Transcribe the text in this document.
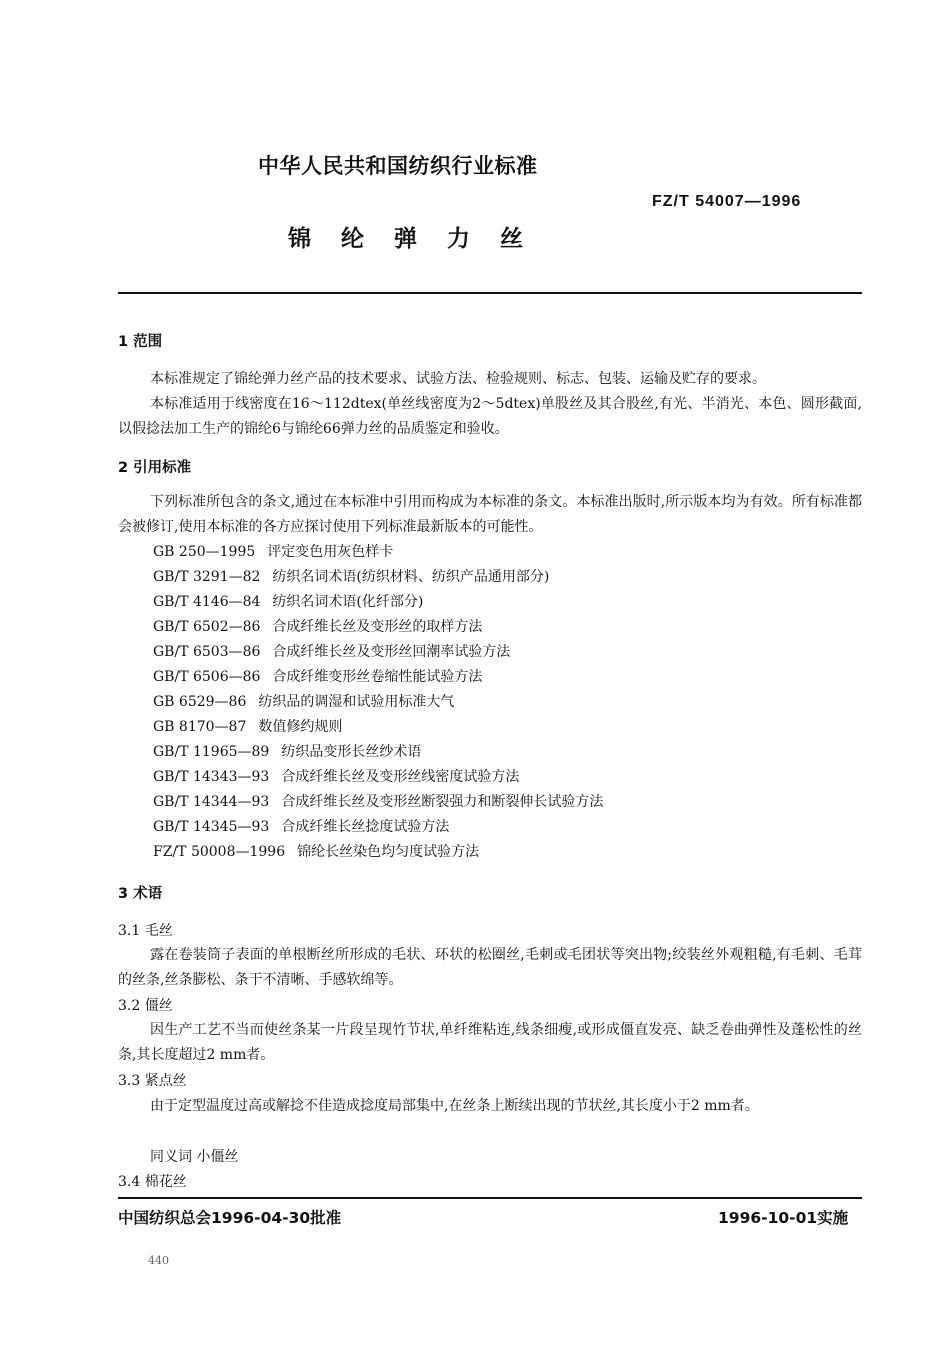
中华人民共和国纺织行业标准
FZ/T 54007—1996
锦纶弹力丝
1 范围
本标准规定了锦纶弹力丝产品的技术要求、试验方法、检验规则、标志、包装、运输及贮存的要求。
本标准适用于线密度在16～112dtex(单丝线密度为2～5dtex)单股丝及其合股丝,有光、半消光、本色、圆形截面,以假捻法加工生产的锦纶6与锦纶66弹力丝的品质鉴定和验收。
2 引用标准
下列标准所包含的条文,通过在本标准中引用而构成为本标准的条文。本标准出版时,所示版本均为有效。所有标准都会被修订,使用本标准的各方应探讨使用下列标准最新版本的可能性。
GB 250—1995 评定变色用灰色样卡
GB/T 3291—82 纺织名词术语(纺织材料、纺织产品通用部分)
GB/T 4146—84 纺织名词术语(化纤部分)
GB/T 6502—86 合成纤维长丝及变形丝的取样方法
GB/T 6503—86 合成纤维长丝及变形丝回潮率试验方法
GB/T 6506—86 合成纤维变形丝卷缩性能试验方法
GB 6529—86 纺织品的调湿和试验用标准大气
GB 8170—87 数值修约规则
GB/T 11965—89 纺织品变形长丝纱术语
GB/T 14343—93 合成纤维长丝及变形丝线密度试验方法
GB/T 14344—93 合成纤维长丝及变形丝断裂强力和断裂伸长试验方法
GB/T 14345—93 合成纤维长丝捻度试验方法
FZ/T 50008—1996 锦纶长丝染色均匀度试验方法
3 术语
3.1 毛丝
露在卷装筒子表面的单根断丝所形成的毛状、环状的松圈丝,毛刺或毛团状等突出物;绞装丝外观粗糙,有毛刺、毛茸的丝条,丝条膨松、条干不清晰、手感软绵等。
3.2 僵丝
因生产工艺不当而使丝条某一片段呈现竹节状,单纤维粘连,线条细瘦,或形成僵直发亮、缺乏卷曲弹性及蓬松性的丝条,其长度超过2 mm者。
3.3 紧点丝
由于定型温度过高或解捻不佳造成捻度局部集中,在丝条上断续出现的节状丝,其长度小于2 mm者。
同义词 小僵丝
3.4 棉花丝
中国纺织总会1996-04-30批准	1996-10-01实施
440
